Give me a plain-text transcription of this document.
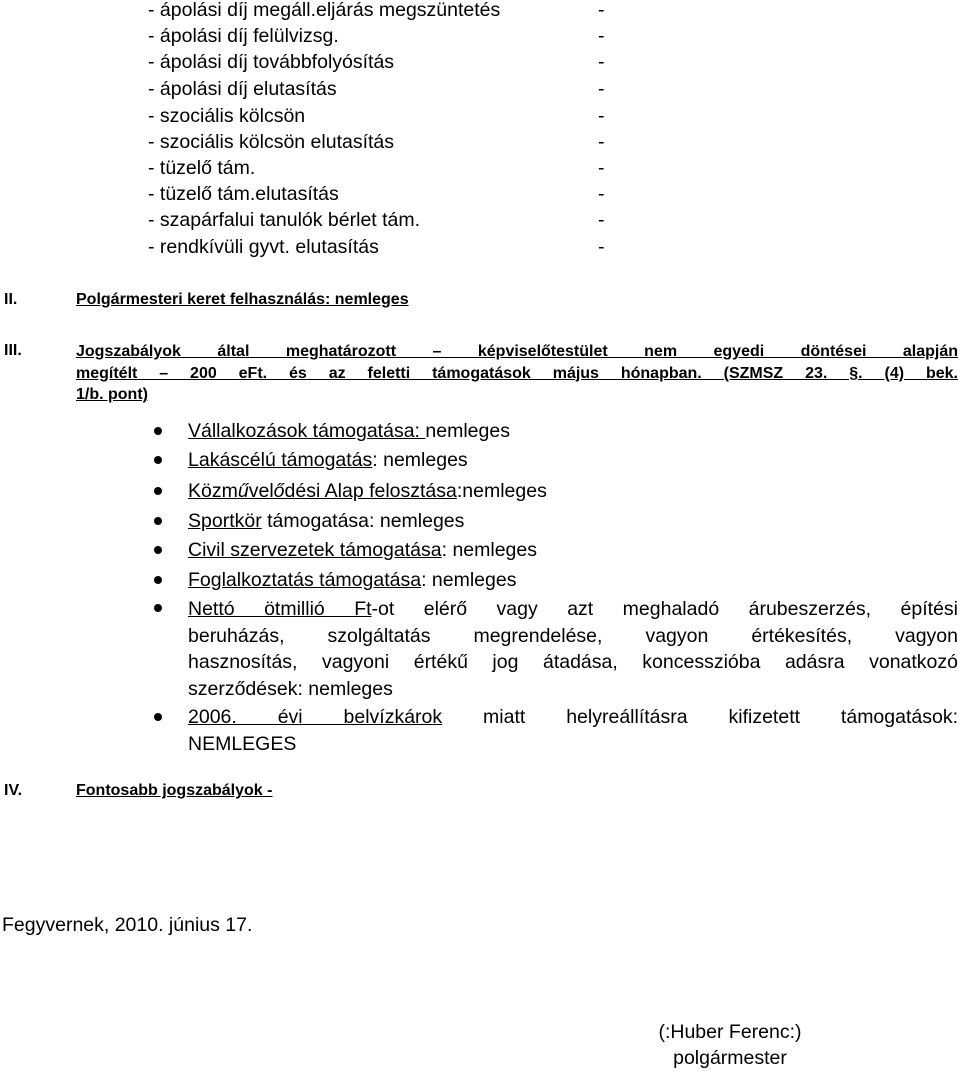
- ápolási díj megáll.eljárás megszüntetés	-
- ápolási díj felülvizsg.	-
- ápolási díj továbbfolyósítás	-
- ápolási díj elutasítás	-
- szociális kölcsön	-
- szociális kölcsön elutasítás	-
- tüzelő tám.	-
- tüzelő tám.elutasítás	-
- szapárfalui tanulók bérlet tám.	-
- rendkívüli gyvt. elutasítás	-
II.	Polgármesteri keret felhasználás: nemleges
III.	Jogszabályok által meghatározott – képviselőtestület nem egyedi döntései alapján
megítélt – 200 eFt. és az feletti támogatások május hónapban. (SZMSZ 23. §. (4) bek.
1/b. pont)
Vállalkozások támogatása: nemleges
Lakáscélú támogatás: nemleges
Közművelődési Alap felosztása:nemleges
Sportkör támogatása: nemleges
Civil szervezetek támogatása: nemleges
Foglalkoztatás támogatása: nemleges
Nettó ötmillió Ft-ot elérő vagy azt meghaladó árubeszerzés, építési
beruházás, szolgáltatás megrendelése, vagyon értékesítés, vagyon
hasznosítás, vagyoni értékű jog átadása, koncesszióba adásra vonatkozó
szerződések: nemleges
2006. évi belvízkárok miatt helyreállításra kifizetett támogatások:
NEMLEGES
IV.	Fontosabb jogszabályok -
Fegyvernek, 2010. június 17.
(:Huber Ferenc:)
polgármester
